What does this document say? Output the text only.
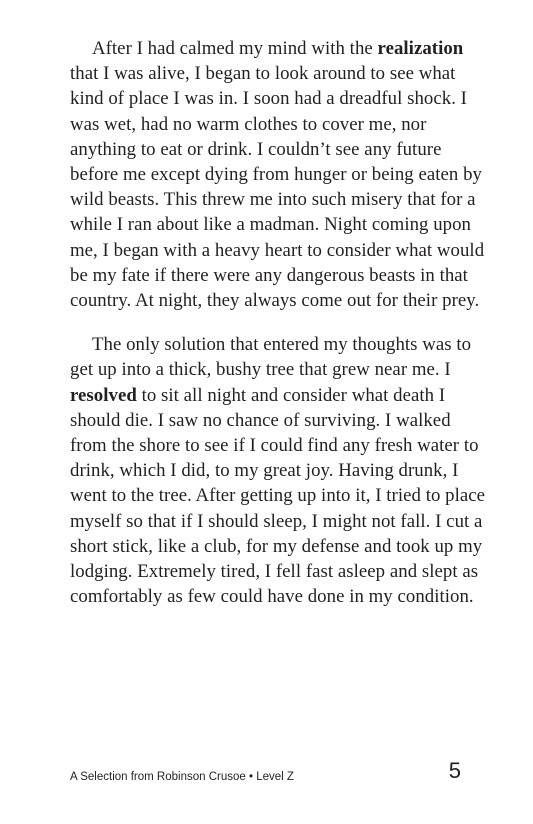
After I had calmed my mind with the realization that I was alive, I began to look around to see what kind of place I was in. I soon had a dreadful shock. I was wet, had no warm clothes to cover me, nor anything to eat or drink. I couldn’t see any future before me except dying from hunger or being eaten by wild beasts. This threw me into such misery that for a while I ran about like a madman. Night coming upon me, I began with a heavy heart to consider what would be my fate if there were any dangerous beasts in that country. At night, they always come out for their prey.

The only solution that entered my thoughts was to get up into a thick, bushy tree that grew near me. I resolved to sit all night and consider what death I should die. I saw no chance of surviving. I walked from the shore to see if I could find any fresh water to drink, which I did, to my great joy. Having drunk, I went to the tree. After getting up into it, I tried to place myself so that if I should sleep, I might not fall. I cut a short stick, like a club, for my defense and took up my lodging. Extremely tired, I fell fast asleep and slept as comfortably as few could have done in my condition.

A Selection from Robinson Crusoe • Level Z	5
